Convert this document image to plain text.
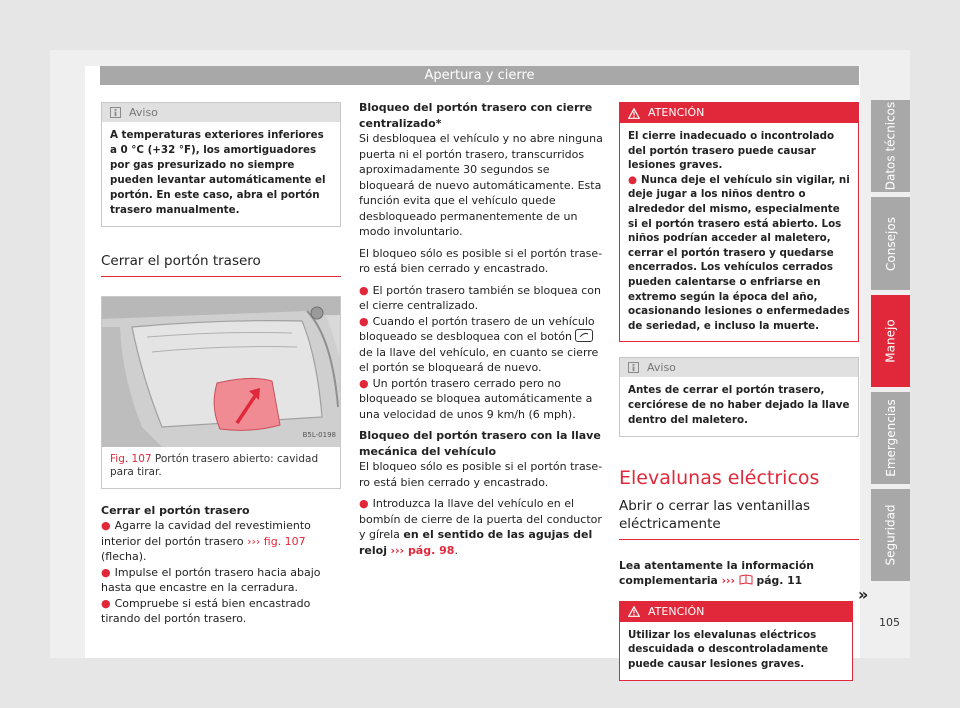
Apertura y cierre
Aviso
A temperaturas exteriores inferiores a 0 °C (+32 °F), los amortiguadores por gas presurizado no siempre pueden levantar automáticamente el portón. En este caso, abra el portón trasero manualmente.
Cerrar el portón trasero
B5L-0198
Fig. 107 Portón trasero abierto: cavidad para tirar.
Cerrar el portón trasero
● Agarre la cavidad del revestimiento interior del portón trasero ››› fig. 107 (flecha).
● Impulse el portón trasero hacia abajo hasta que encastre en la cerradura.
● Compruebe si está bien encastrado tirando del portón trasero.

Bloqueo del portón trasero con cierre centralizado*

Si desbloquea el vehículo y no abre ninguna puerta ni el portón trasero, transcurridos aproximadamente 30 segundos se bloqueará de nuevo automáticamente. Esta función evita que el vehículo quede desbloqueado permanentemente de un modo involuntario.

El bloqueo sólo es posible si el portón trasero está bien cerrado y encastrado.

● El portón trasero también se bloquea con el cierre centralizado.
● Cuando el portón trasero de un vehículo bloqueado se desbloquea con el botón
de la llave del vehículo, en cuanto se cierre el portón se bloqueará de nuevo.
● Un portón trasero cerrado pero no bloqueado se bloquea automáticamente a una velocidad de unos 9 km/h (6 mph).

Bloqueo del portón trasero con la llave mecánica del vehículo

El bloqueo sólo es posible si el portón trasero está bien cerrado y encastrado.

● Introduzca la llave del vehículo en el bombín de cierre de la puerta del conductor y gírela en el sentido de las agujas del reloj ››› pág. 98.
ATENCIÓN
El cierre inadecuado o incontrolado del portón trasero puede causar lesiones graves.
● Nunca deje el vehículo sin vigilar, ni deje jugar a los niños dentro o alrededor del mismo, especialmente si el portón trasero está abierto. Los niños podrían acceder al maletero, cerrar el portón trasero y quedarse encerrados. Los vehículos cerrados pueden calentarse o enfriarse en extremo según la época del año, ocasionando lesiones o enfermedades de seriedad, e incluso la muerte.
Aviso
Antes de cerrar el portón trasero, cerciórese de no haber dejado la llave dentro del maletero.
Elevalunas eléctricos
Abrir o cerrar las ventanillas eléctricamente
Lea atentamente la información complementaria ››› pág. 11
ATENCIÓN
Utilizar los elevalunas eléctricos descuidada o descontroladamente puede causar lesiones graves.
»
Datos técnicos
Consejos
Manejo
Emergencias
Seguridad
105
